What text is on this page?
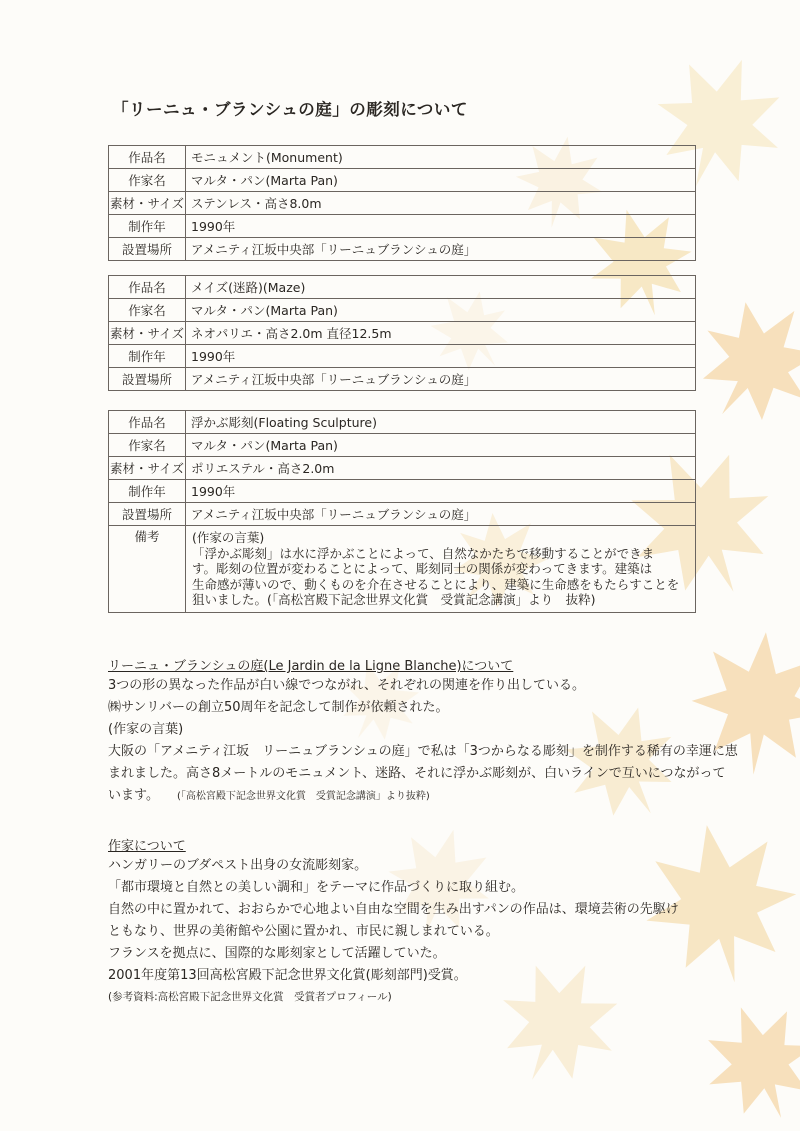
「リーニュ・ブランシュの庭」の彫刻について
作品名	モニュメント(Monument)
作家名	マルタ・パン(Marta Pan)
素材・サイズ	ステンレス・高さ8.0m
制作年	1990年
設置場所	アメニティ江坂中央部「リーニュブランシュの庭」
作品名	メイズ(迷路)(Maze)
作家名	マルタ・パン(Marta Pan)
素材・サイズ	ネオパリエ・高さ2.0m 直径12.5m
制作年	1990年
設置場所	アメニティ江坂中央部「リーニュブランシュの庭」
作品名	浮かぶ彫刻(Floating Sculpture)
作家名	マルタ・パン(Marta Pan)
素材・サイズ	ポリエステル・高さ2.0m
制作年	1990年
設置場所	アメニティ江坂中央部「リーニュブランシュの庭」
備考	(作家の言葉)
「浮かぶ彫刻」は水に浮かぶことによって、自然なかたちで移動することができま
す。彫刻の位置が変わることによって、彫刻同士の関係が変わってきます。建築は
生命感が薄いので、動くものを介在させることにより、建築に生命感をもたらすことを
狙いました。(「高松宮殿下記念世界文化賞　受賞記念講演」より　抜粋)
リーニュ・ブランシュの庭(Le Jardin de la Ligne Blanche)について
3つの形の異なった作品が白い線でつながれ、それぞれの関連を作り出している。
㈱サンリバーの創立50周年を記念して制作が依頼された。
(作家の言葉)
大阪の「アメニティ江坂　リーニュブランシュの庭」で私は「3つからなる彫刻」を制作する稀有の幸運に恵
まれました。高さ8メートルのモニュメント、迷路、それに浮かぶ彫刻が、白いラインで互いにつながって
います。 (「高松宮殿下記念世界文化賞　受賞記念講演」より抜粋)
作家について
ハンガリーのブダペスト出身の女流彫刻家。
「都市環境と自然との美しい調和」をテーマに作品づくりに取り組む。
自然の中に置かれて、おおらかで心地よい自由な空間を生み出すパンの作品は、環境芸術の先駆け
ともなり、世界の美術館や公園に置かれ、市民に親しまれている。
フランスを拠点に、国際的な彫刻家として活躍していた。
2001年度第13回高松宮殿下記念世界文化賞(彫刻部門)受賞。
(参考資料:高松宮殿下記念世界文化賞　受賞者プロフィール)
